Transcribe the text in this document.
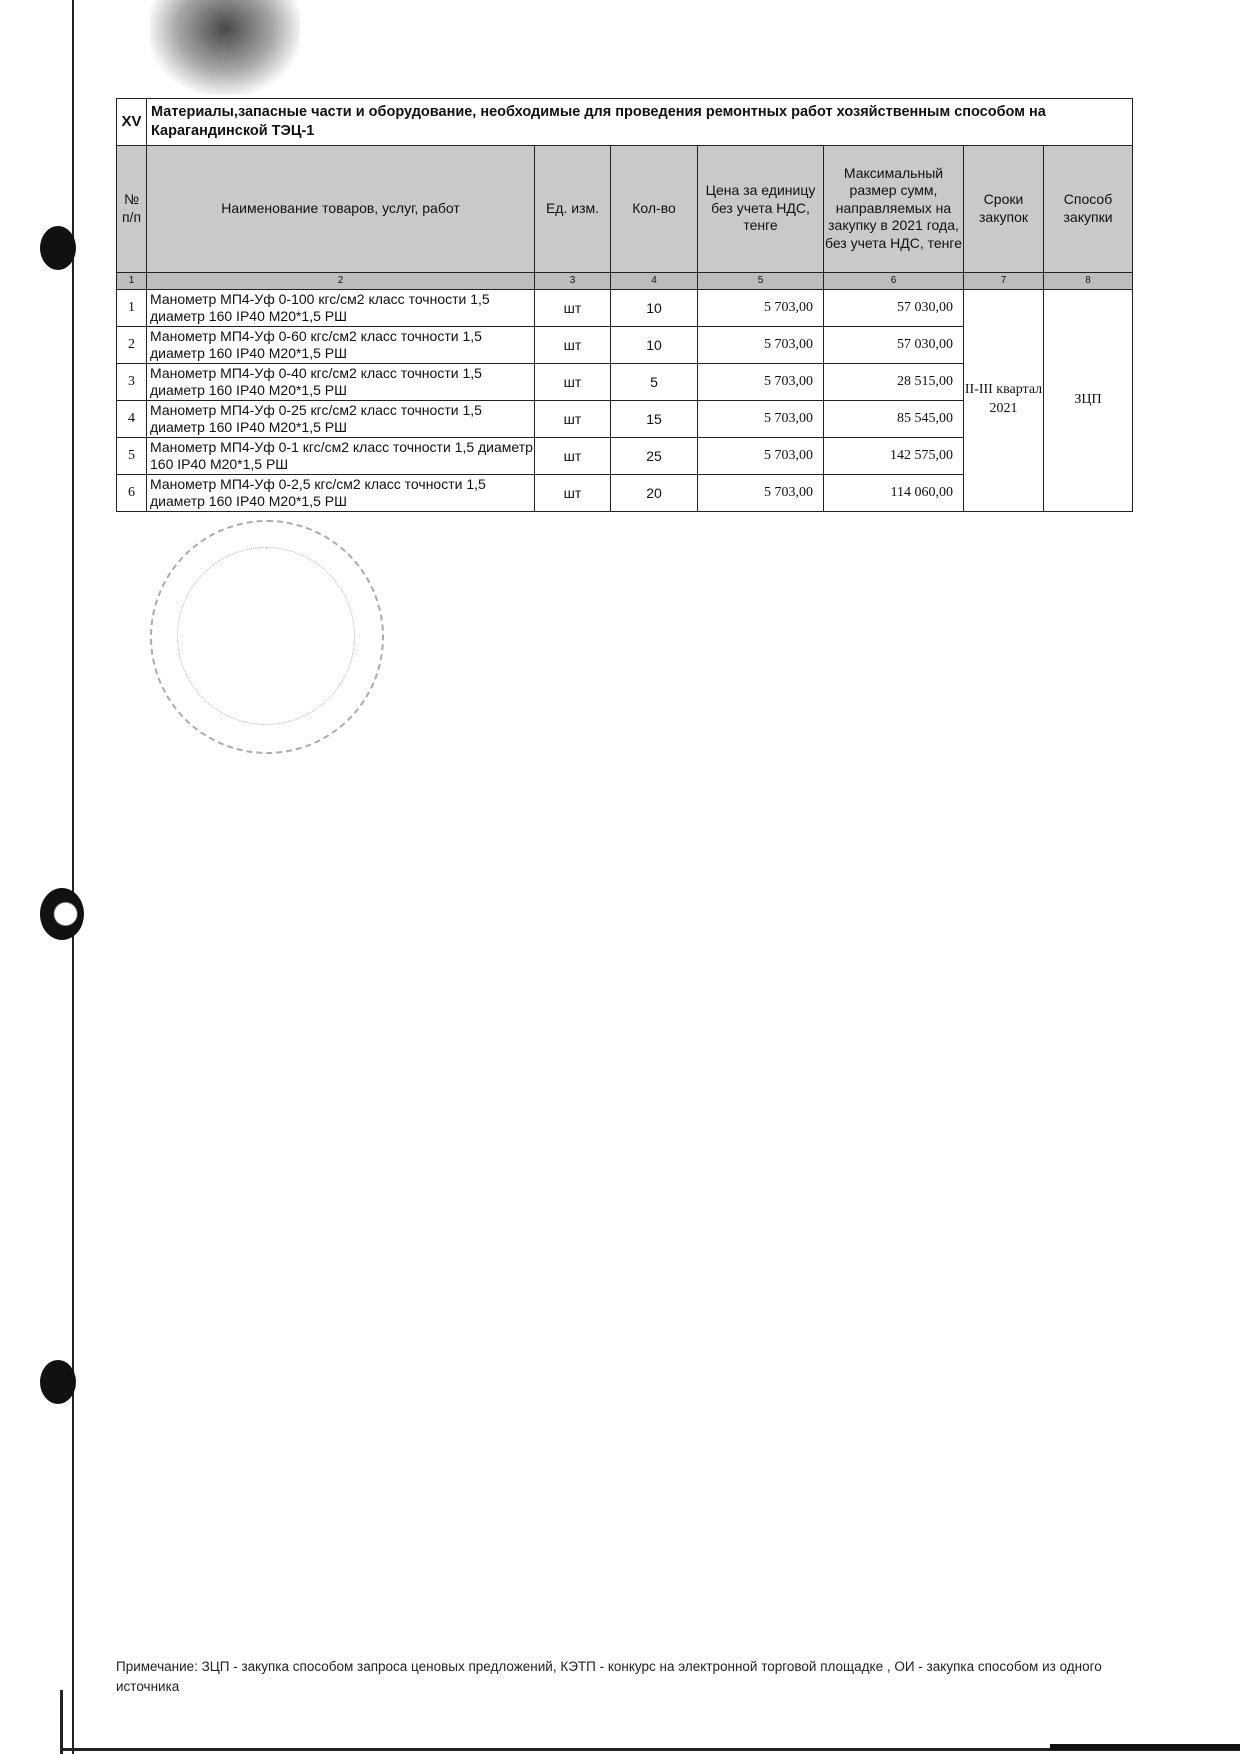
XV	Материалы,запасные части и оборудование, необходимые для проведения ремонтных работ хозяйственным способом на Карагандинской ТЭЦ-1						
№ п/п	Наименование товаров, услуг, работ	Ед. изм.	Кол-во	Цена за единицу без учета НДС, тенге	Максимальный размер сумм, направляемых на закупку в 2021 года, без учета НДС, тенге	Сроки закупок	Способ закупки
1	2	3	4	5	6	7	8
1	Манометр МП4-Уф 0-100 кгс/см2 класс точности 1,5 диаметр 160 IP40 М20*1,5 РШ	шт	10	5 703,00	57 030,00	II-III квартал 2021	ЗЦП
2	Манометр МП4-Уф 0-60 кгс/см2 класс точности 1,5 диаметр 160 IP40 М20*1,5 РШ	шт	10	5 703,00	57 030,00		
3	Манометр МП4-Уф 0-40 кгс/см2 класс точности 1,5 диаметр 160 IP40 М20*1,5 РШ	шт	5	5 703,00	28 515,00		
4	Манометр МП4-Уф 0-25 кгс/см2 класс точности 1,5 диаметр 160 IP40 М20*1,5 РШ	шт	15	5 703,00	85 545,00		
5	Манометр МП4-Уф 0-1 кгс/см2 класс точности 1,5 диаметр 160 IP40 М20*1,5 РШ	шт	25	5 703,00	142 575,00		
6	Манометр МП4-Уф 0-2,5 кгс/см2 класс точности 1,5 диаметр 160 IP40 М20*1,5 РШ	шт	20	5 703,00	114 060,00		
Примечание: ЗЦП - закупка способом запроса ценовых предложений, КЭТП - конкурс на электронной торговой площадке , ОИ - закупка способом из одного источника
